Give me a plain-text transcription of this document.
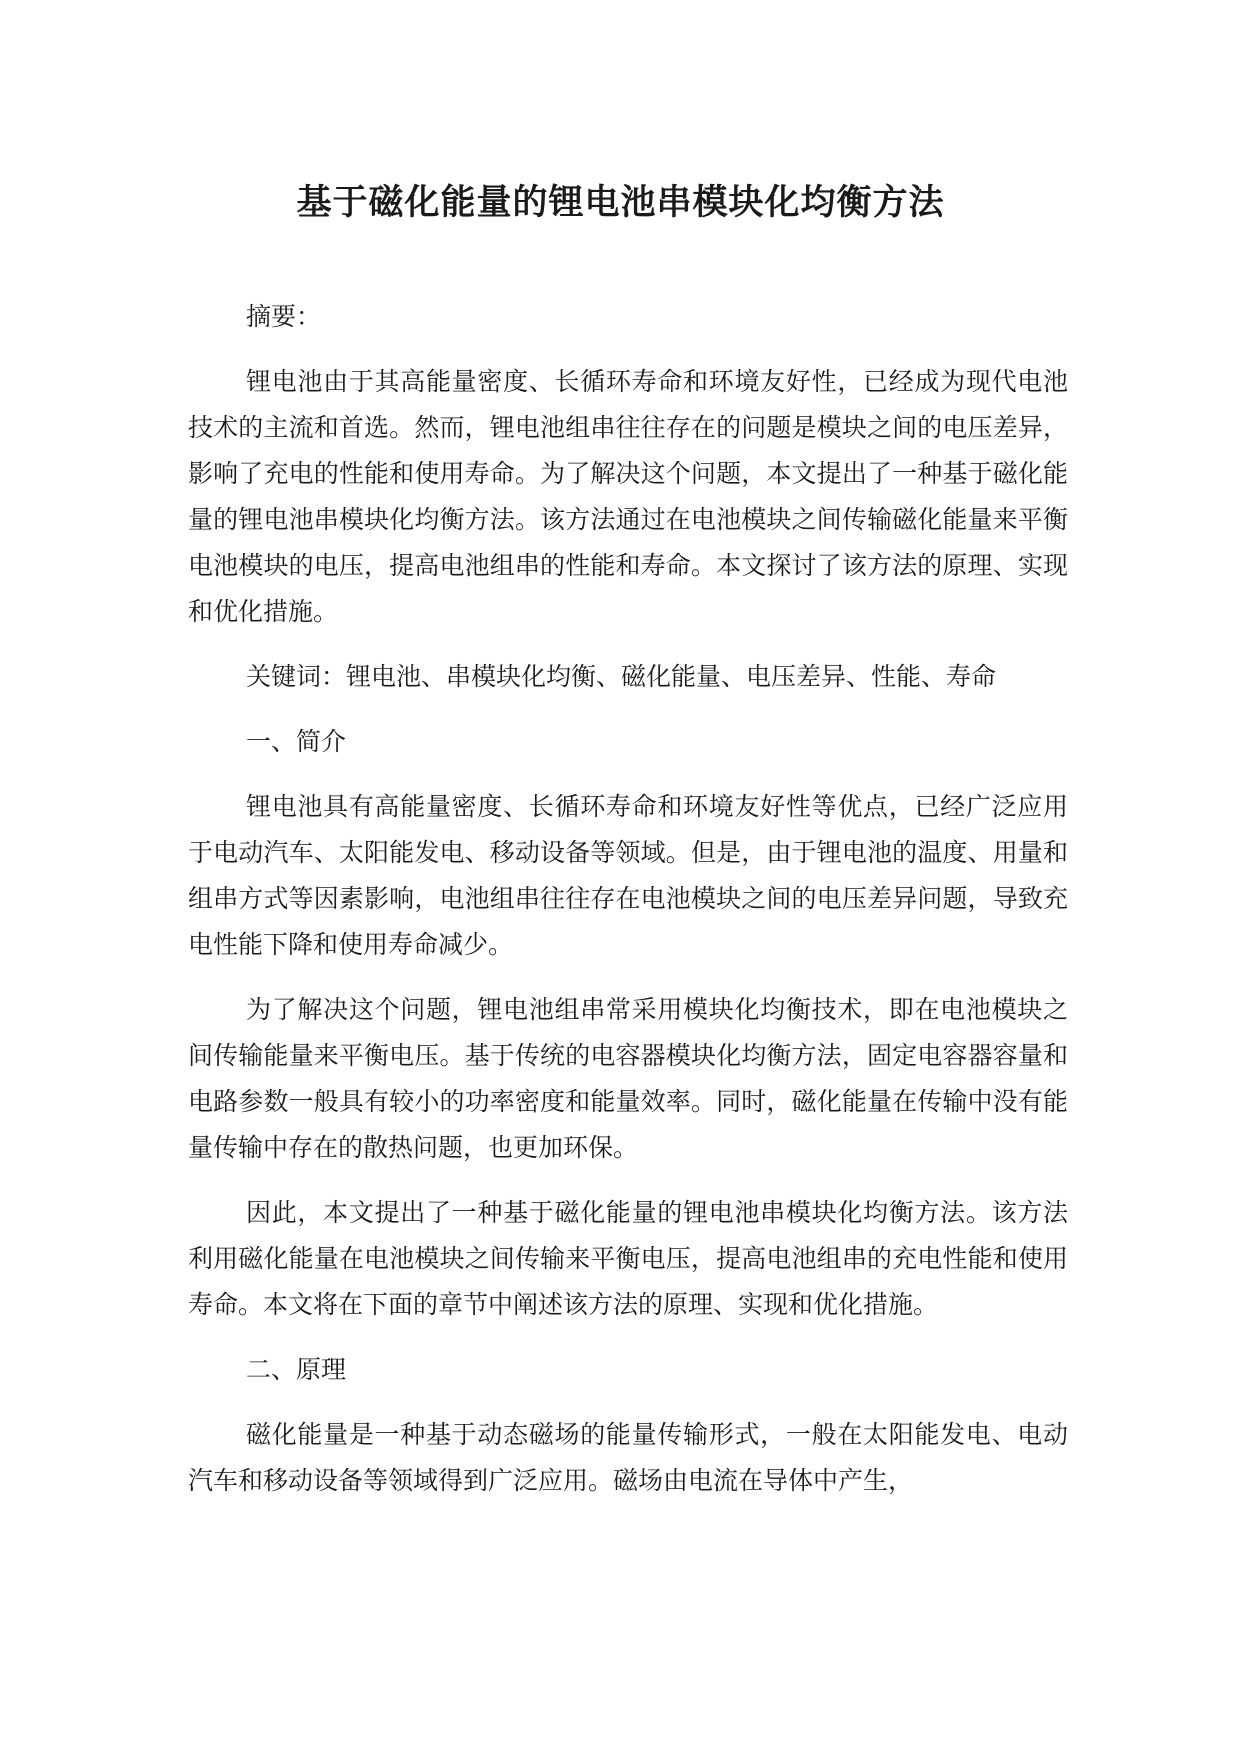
基于磁化能量的锂电池串模块化均衡方法

摘要：

锂电池由于其高能量密度、长循环寿命和环境友好性，已经成为现代电池技术的主流和首选。然而，锂电池组串往往存在的问题是模块之间的电压差异，影响了充电的性能和使用寿命。为了解决这个问题，本文提出了一种基于磁化能量的锂电池串模块化均衡方法。该方法通过在电池模块之间传输磁化能量来平衡电池模块的电压，提高电池组串的性能和寿命。本文探讨了该方法的原理、实现和优化措施。

关键词：锂电池、串模块化均衡、磁化能量、电压差异、性能、寿命

一、简介

锂电池具有高能量密度、长循环寿命和环境友好性等优点，已经广泛应用于电动汽车、太阳能发电、移动设备等领域。但是，由于锂电池的温度、用量和组串方式等因素影响，电池组串往往存在电池模块之间的电压差异问题，导致充电性能下降和使用寿命减少。

为了解决这个问题，锂电池组串常采用模块化均衡技术，即在电池模块之间传输能量来平衡电压。基于传统的电容器模块化均衡方法，固定电容器容量和电路参数一般具有较小的功率密度和能量效率。同时，磁化能量在传输中没有能量传输中存在的散热问题，也更加环保。

因此，本文提出了一种基于磁化能量的锂电池串模块化均衡方法。该方法利用磁化能量在电池模块之间传输来平衡电压，提高电池组串的充电性能和使用寿命。本文将在下面的章节中阐述该方法的原理、实现和优化措施。

二、原理

磁化能量是一种基于动态磁场的能量传输形式，一般在太阳能发电、电动汽车和移动设备等领域得到广泛应用。磁场由电流在导体中产生，
